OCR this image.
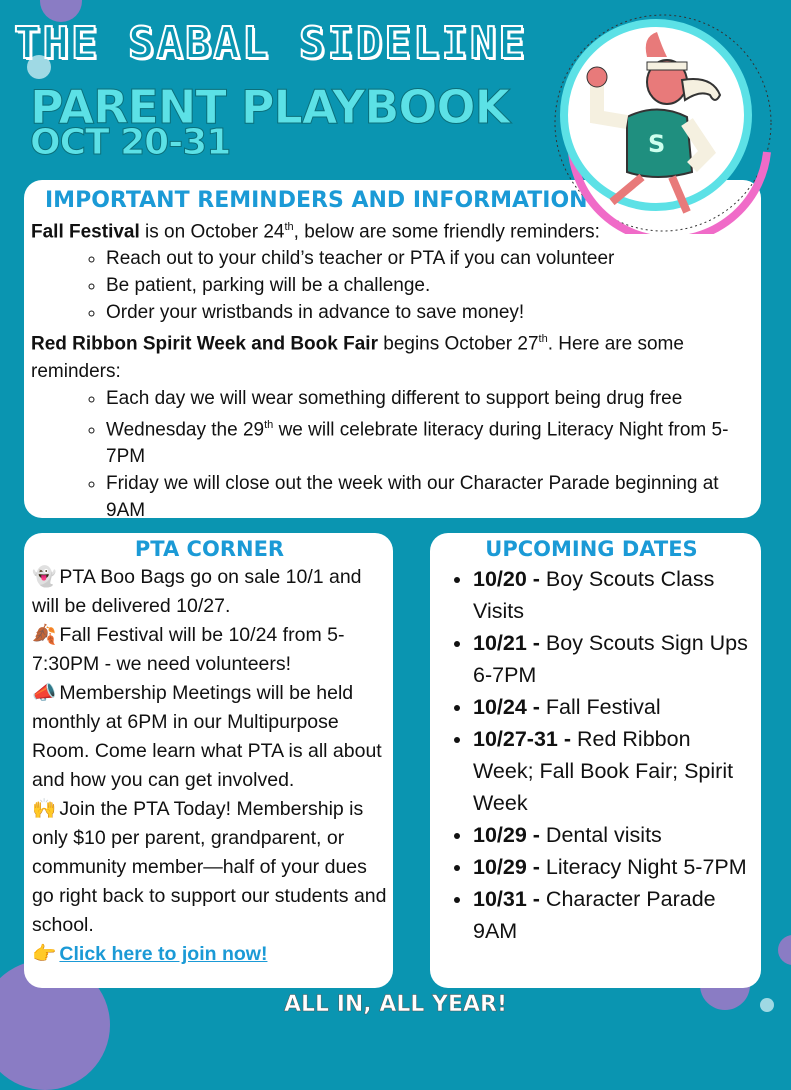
THE SABAL SIDELINE
PARENT PLAYBOOK
OCT 20-31
IMPORTANT REMINDERS AND INFORMATION
Fall Festival is on October 24th, below are some friendly reminders:
◦ Reach out to your child’s teacher or PTA if you can volunteer
◦ Be patient, parking will be a challenge.
◦ Order your wristbands in advance to save money!
Red Ribbon Spirit Week and Book Fair begins October 27th. Here are some reminders:
◦ Each day we will wear something different to support being drug free
◦ Wednesday the 29th we will celebrate literacy during Literacy Night from 5-7PM
◦ Friday we will close out the week with our Character Parade beginning at 9AM
S
PTA CORNER
👻 PTA Boo Bags go on sale 10/1 and will be delivered 10/27.
🍂 Fall Festival will be 10/24 from 5-7:30PM - we need volunteers!
📣 Membership Meetings will be held monthly at 6PM in our Multipurpose Room. Come learn what PTA is all about and how you can get involved.
🙌 Join the PTA Today! Membership is only $10 per parent, grandparent, or community member—half of your dues go right back to support our students and school.
👉 Click here to join now!
UPCOMING DATES
• 10/20 - Boy Scouts Class Visits
• 10/21 - Boy Scouts Sign Ups 6-7PM
• 10/24 - Fall Festival
• 10/27-31 - Red Ribbon Week; Fall Book Fair; Spirit Week
• 10/29 - Dental visits
• 10/29 - Literacy Night 5-7PM
• 10/31 - Character Parade 9AM
ALL IN, ALL YEAR!
